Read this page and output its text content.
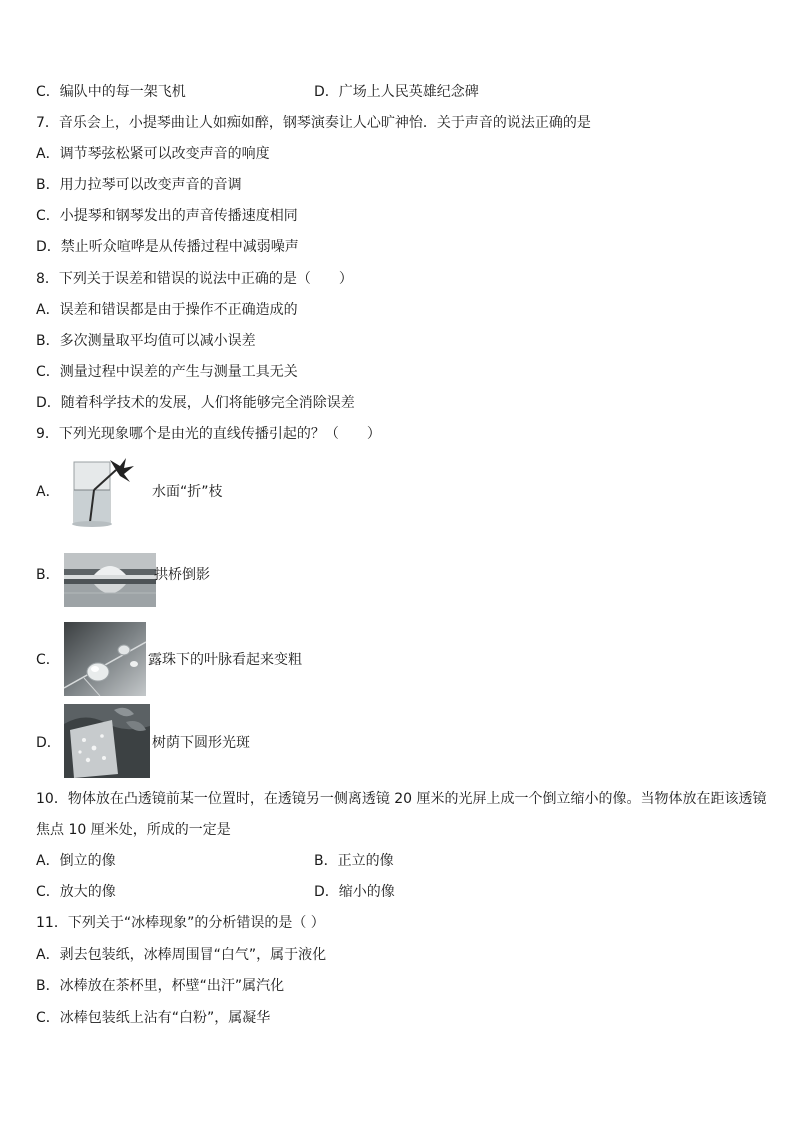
C．编队中的每一架飞机	D．广场上人民英雄纪念碑
7．音乐会上，小提琴曲让人如痴如醉，钢琴演奏让人心旷神怡．关于声音的说法正确的是
A．调节琴弦松紧可以改变声音的响度
B．用力拉琴可以改变声音的音调
C．小提琴和钢琴发出的声音传播速度相同
D．禁止听众喧哗是从传播过程中减弱噪声
8．下列关于误差和错误的说法中正确的是（　　）
A．误差和错误都是由于操作不正确造成的
B．多次测量取平均值可以减小误差
C．测量过程中误差的产生与测量工具无关
D．随着科学技术的发展，人们将能够完全消除误差
9．下列光现象哪个是由光的直线传播引起的？（　　）
A．	水面“折”枝
B．	拱桥倒影
C．	露珠下的叶脉看起来变粗
D．	树荫下圆形光斑
10．物体放在凸透镜前某一位置时，在透镜另一侧离透镜 20 厘米的光屏上成一个倒立缩小的像。当物体放在距该透镜
焦点 10 厘米处，所成的一定是
A．倒立的像	B．正立的像
C．放大的像	D．缩小的像
11．下列关于“冰棒现象”的分析错误的是（ ）
A．剥去包装纸，冰棒周围冒“白气”，属于液化
B．冰棒放在茶杯里，杯壁“出汗”属汽化
C．冰棒包装纸上沾有“白粉”，属凝华
